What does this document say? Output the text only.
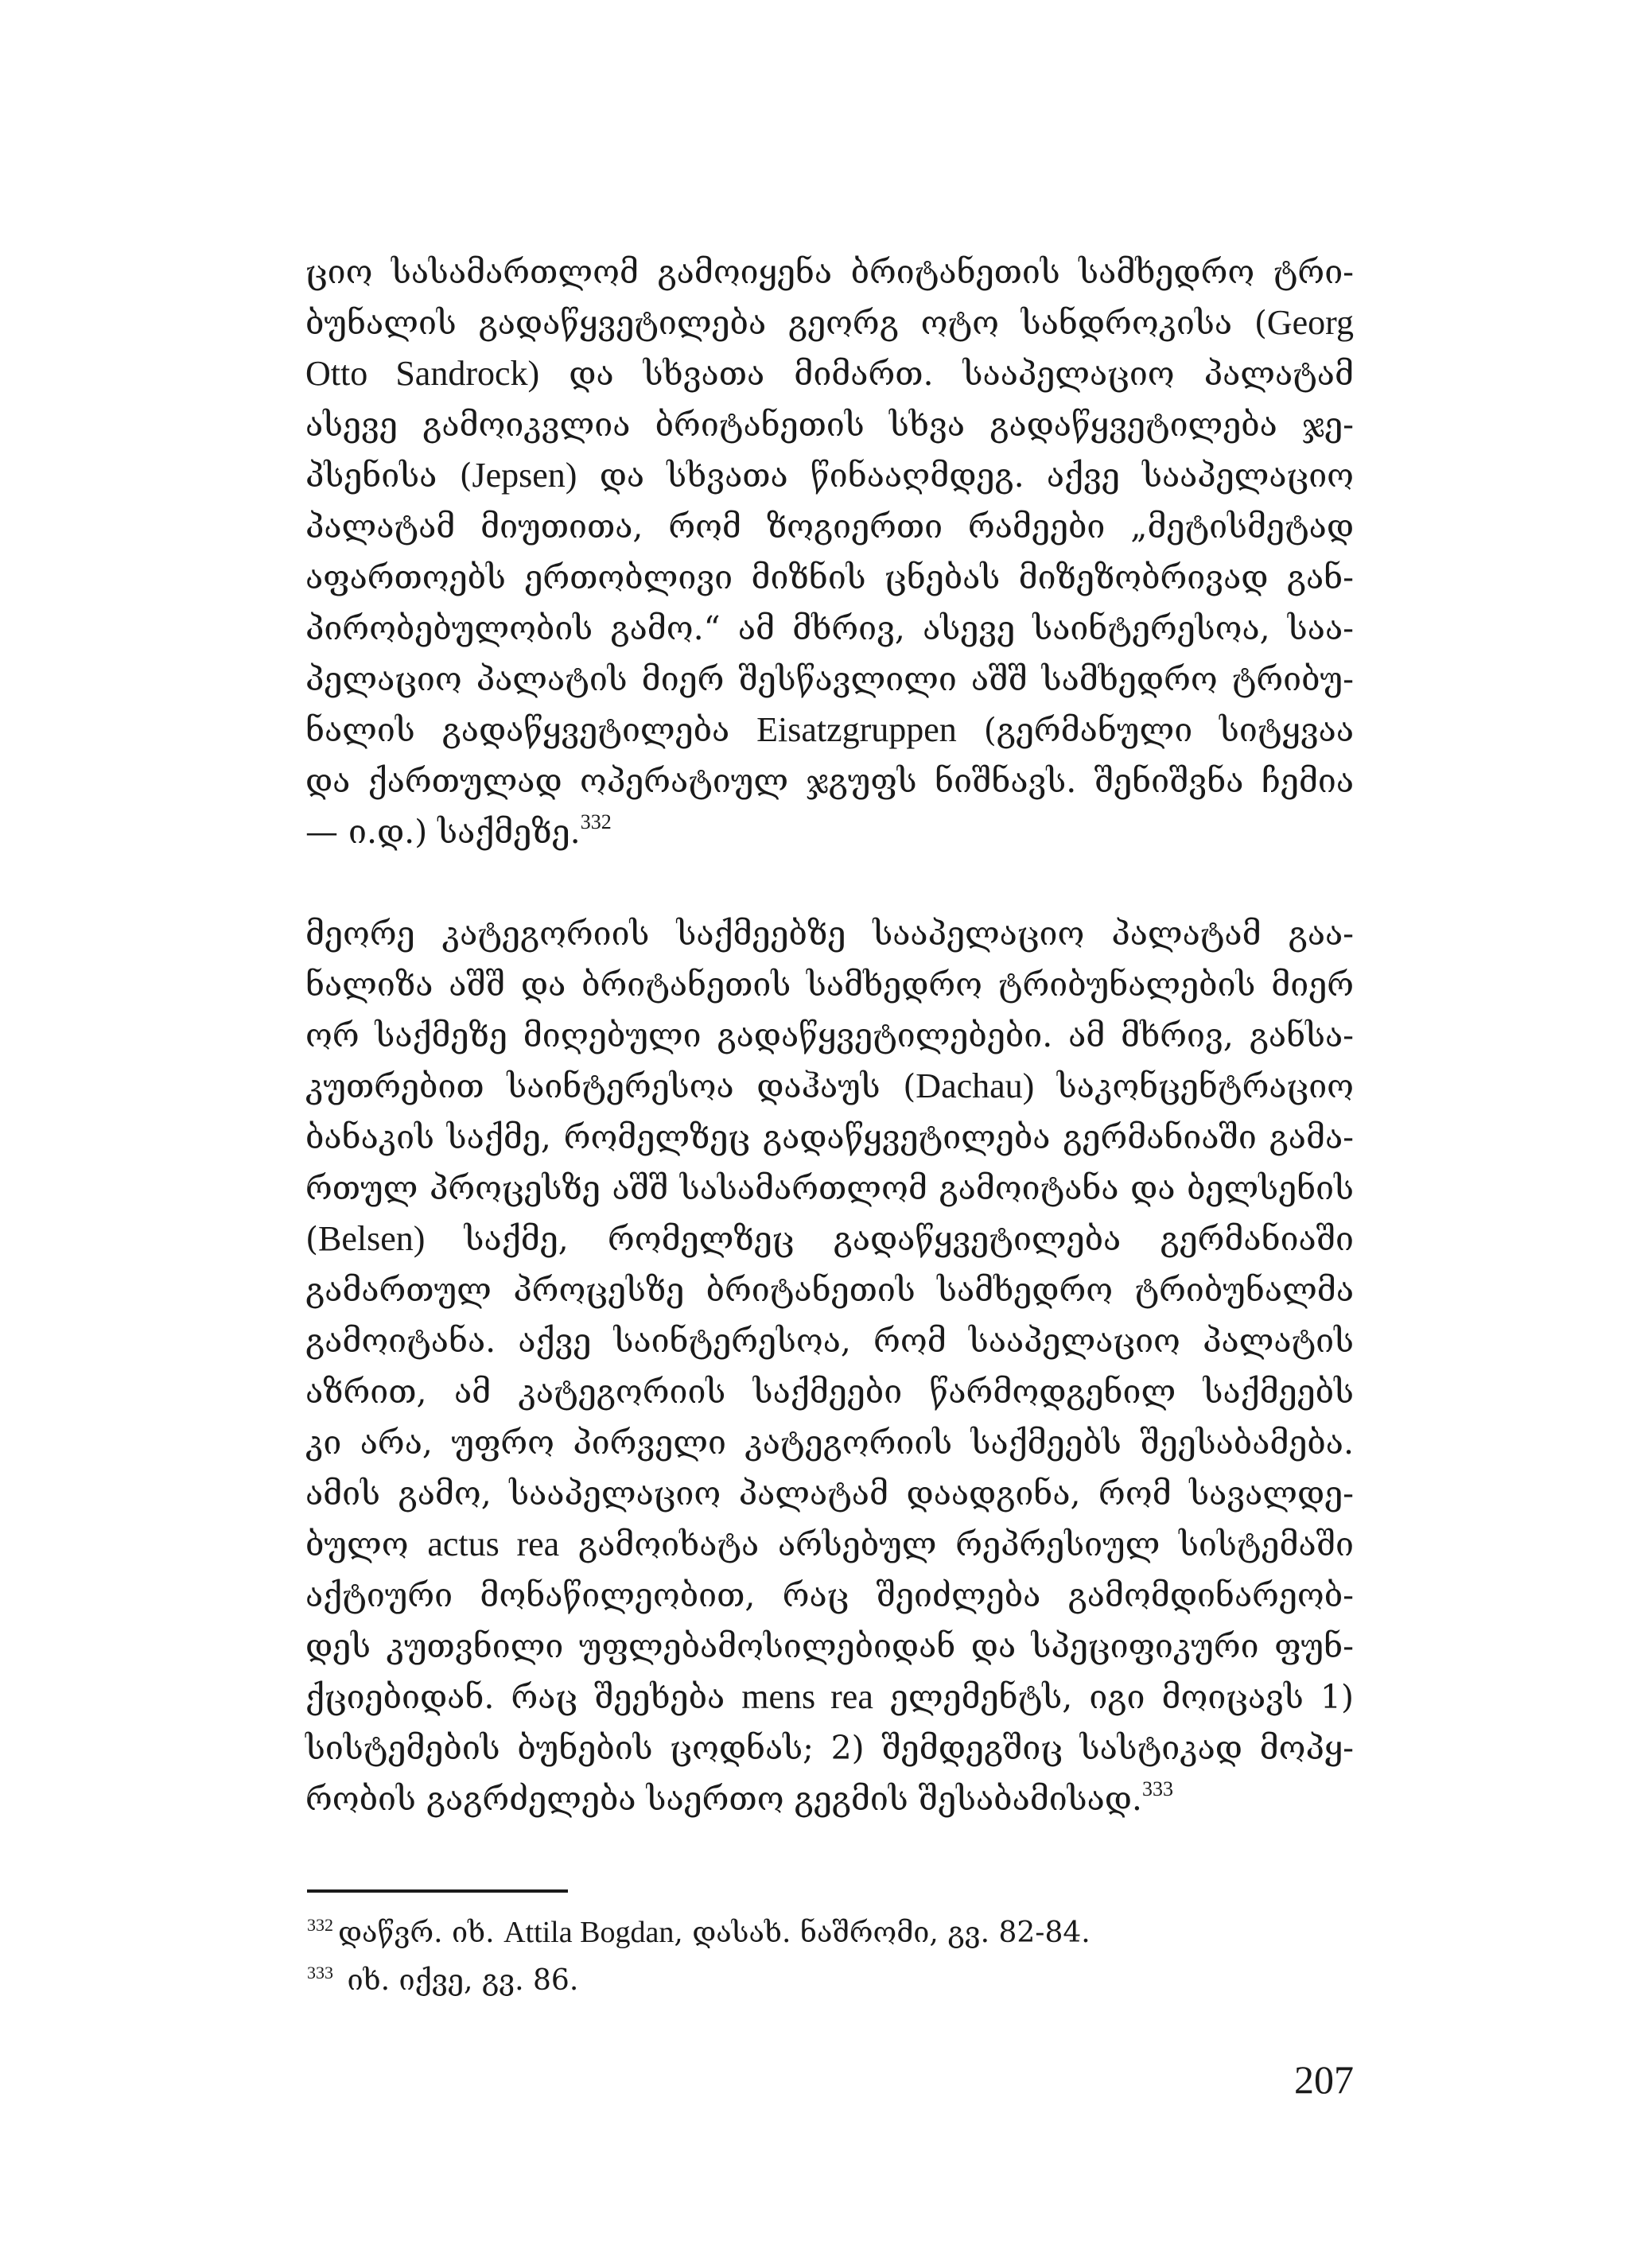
ციო სასამართლომ გამოიყენა ბრიტანეთის სამხედრო ტრი-
ბუნალის გადაწყვეტილება გეორგ ოტო სანდროკისა (Georg
Otto Sandrock) და სხვათა მიმართ. სააპელაციო პალატამ
ასევე გამოიკვლია ბრიტანეთის სხვა გადაწყვეტილება ჯე-
პსენისა (Jepsen) და სხვათა წინააღმდეგ. აქვე სააპელაციო
პალატამ მიუთითა, რომ ზოგიერთი რამეები „მეტისმეტად
აფართოებს ერთობლივი მიზნის ცნებას მიზეზობრივად გან-
პირობებულობის გამო.“ ამ მხრივ, ასევე საინტერესოა, საა-
პელაციო პალატის მიერ შესწავლილი აშშ სამხედრო ტრიბუ-
ნალის გადაწყვეტილება Eisatzgruppen (გერმანული სიტყვაა
და ქართულად ოპერატიულ ჯგუფს ნიშნავს. შენიშვნა ჩემია
— ი.დ.) საქმეზე.$^{332}$
მეორე კატეგორიის საქმეებზე სააპელაციო პალატამ გაა-
ნალიზა აშშ და ბრიტანეთის სამხედრო ტრიბუნალების მიერ
ორ საქმეზე მიღებული გადაწყვეტილებები. ამ მხრივ, განსა-
კუთრებით საინტერესოა დაჰაუს (Dachau) საკონცენტრაციო
ბანაკის საქმე, რომელზეც გადაწყვეტილება გერმანიაში გამა-
რთულ პროცესზე აშშ სასამართლომ გამოიტანა და ბელსენის
(Belsen) საქმე, რომელზეც გადაწყვეტილება გერმანიაში
გამართულ პროცესზე ბრიტანეთის სამხედრო ტრიბუნალმა
გამოიტანა. აქვე საინტერესოა, რომ სააპელაციო პალატის
აზრით, ამ კატეგორიის საქმეები წარმოდგენილ საქმეებს
კი არა, უფრო პირველი კატეგორიის საქმეებს შეესაბამება.
ამის გამო, სააპელაციო პალატამ დაადგინა, რომ სავალდე-
ბულო actus rea გამოიხატა არსებულ რეპრესიულ სისტემაში
აქტიური მონაწილეობით, რაც შეიძლება გამომდინარეობ-
დეს კუთვნილი უფლებამოსილებიდან და სპეციფიკური ფუნ-
ქციებიდან. რაც შეეხება mens rea ელემენტს, იგი მოიცავს 1)
სისტემების ბუნების ცოდნას; 2) შემდეგშიც სასტიკად მოპყ-
რობის გაგრძელება საერთო გეგმის შესაბამისად.$^{333}$
$^{332}$ დაწვრ. იხ. Attila Bogdan, დასახ. ნაშრომი, გვ. 82-84.
$^{333}$ იხ. იქვე, გვ. 86.
207
